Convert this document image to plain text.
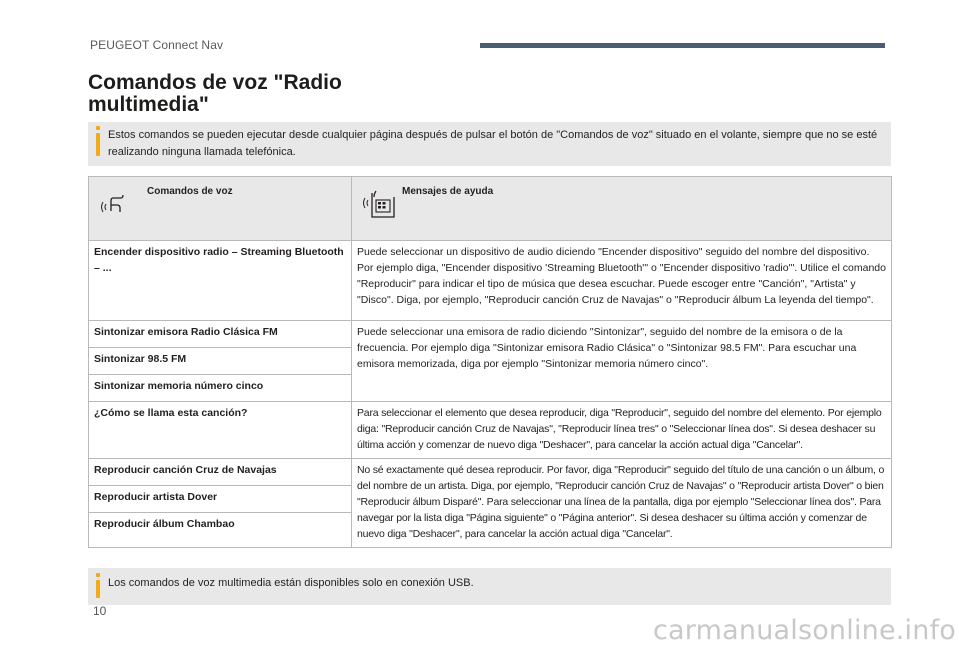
PEUGEOT Connect Nav
Comandos de voz "Radio multimedia"

Estos comandos se pueden ejecutar desde cualquier página después de pulsar el botón de "Comandos de voz" situado en el volante, siempre que no se esté realizando ninguna llamada telefónica.

Comandos de voz	Mensajes de ayuda

Encender dispositivo radio – Streaming Bluetooth – ...	Puede seleccionar un dispositivo de audio diciendo "Encender dispositivo" seguido del nombre del dispositivo. Por ejemplo diga, "Encender dispositivo 'Streaming Bluetooth'" o "Encender dispositivo 'radio'". Utilice el comando "Reproducir" para indicar el tipo de música que desea escuchar. Puede escoger entre "Canción", "Artista" y "Disco". Diga, por ejemplo, "Reproducir canción Cruz de Navajas" o "Reproducir álbum La leyenda del tiempo".
Sintonizar emisora Radio Clásica FM	Puede seleccionar una emisora de radio diciendo "Sintonizar", seguido del nombre de la emisora o de la frecuencia. Por ejemplo diga "Sintonizar emisora Radio Clásica" o "Sintonizar 98.5 FM". Para escuchar una emisora memorizada, diga por ejemplo "Sintonizar memoria número cinco".
Sintonizar 98.5 FM	
Sintonizar memoria número cinco	
¿Cómo se llama esta canción?	Para seleccionar el elemento que desea reproducir, diga "Reproducir", seguido del nombre del elemento. Por ejemplo diga: "Reproducir canción Cruz de Navajas", "Reproducir línea tres" o "Seleccionar línea dos". Si desea deshacer su última acción y comenzar de nuevo diga "Deshacer", para cancelar la acción actual diga "Cancelar".
Reproducir canción Cruz de Navajas	No sé exactamente qué desea reproducir. Por favor, diga "Reproducir" seguido del título de una canción o un álbum, o del nombre de un artista. Diga, por ejemplo, "Reproducir canción Cruz de Navajas" o "Reproducir artista Dover" o bien "Reproducir álbum Disparé". Para seleccionar una línea de la pantalla, diga por ejemplo "Seleccionar línea dos". Para navegar por la lista diga "Página siguiente" o "Página anterior". Si desea deshacer su última acción y comenzar de nuevo diga "Deshacer", para cancelar la acción actual diga "Cancelar".
Reproducir artista Dover	
Reproducir álbum Chambao	

Los comandos de voz multimedia están disponibles solo en conexión USB.

10
carmanualsonline.info
